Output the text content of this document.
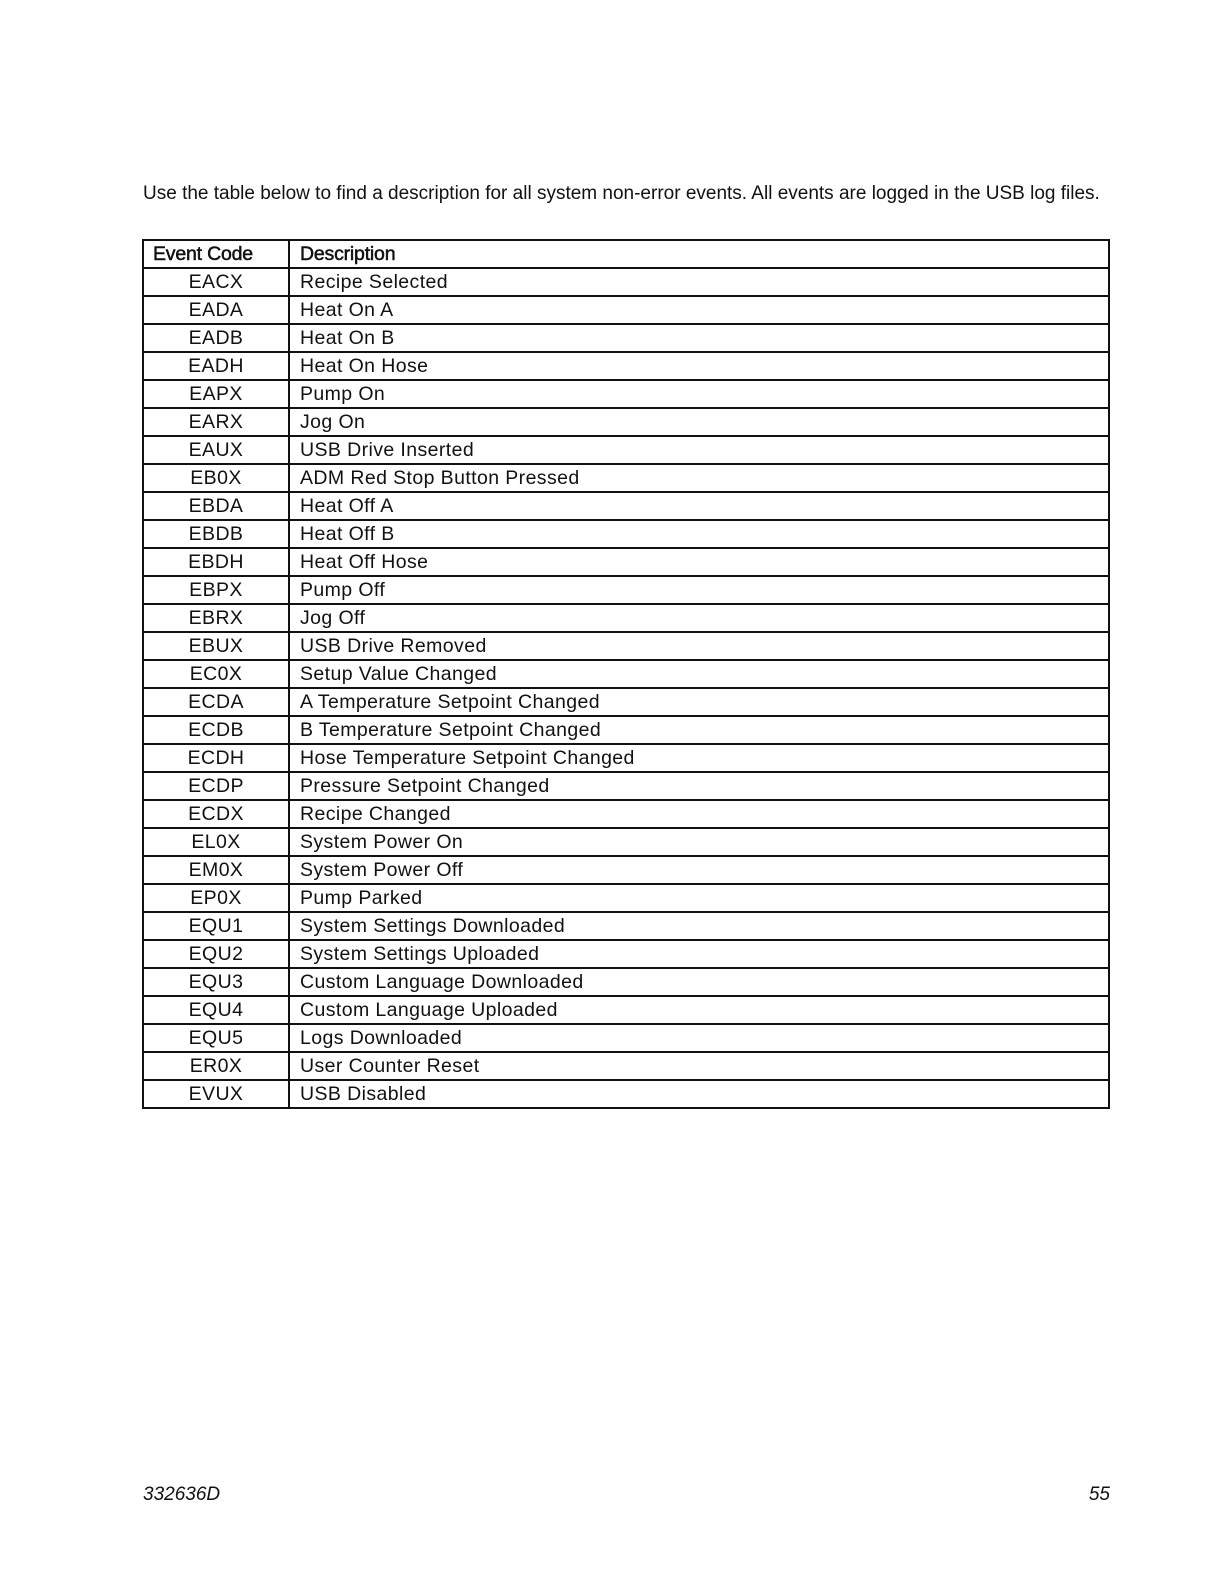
Use the table below to find a description for all system non-error events. All events are logged in the USB log files.

Event Code	Description
EACX	Recipe Selected
EADA	Heat On A
EADB	Heat On B
EADH	Heat On Hose
EAPX	Pump On
EARX	Jog On
EAUX	USB Drive Inserted
EB0X	ADM Red Stop Button Pressed
EBDA	Heat Off A
EBDB	Heat Off B
EBDH	Heat Off Hose
EBPX	Pump Off
EBRX	Jog Off
EBUX	USB Drive Removed
EC0X	Setup Value Changed
ECDA	A Temperature Setpoint Changed
ECDB	B Temperature Setpoint Changed
ECDH	Hose Temperature Setpoint Changed
ECDP	Pressure Setpoint Changed
ECDX	Recipe Changed
EL0X	System Power On
EM0X	System Power Off
EP0X	Pump Parked
EQU1	System Settings Downloaded
EQU2	System Settings Uploaded
EQU3	Custom Language Downloaded
EQU4	Custom Language Uploaded
EQU5	Logs Downloaded
ER0X	User Counter Reset
EVUX	USB Disabled

332636D	55
